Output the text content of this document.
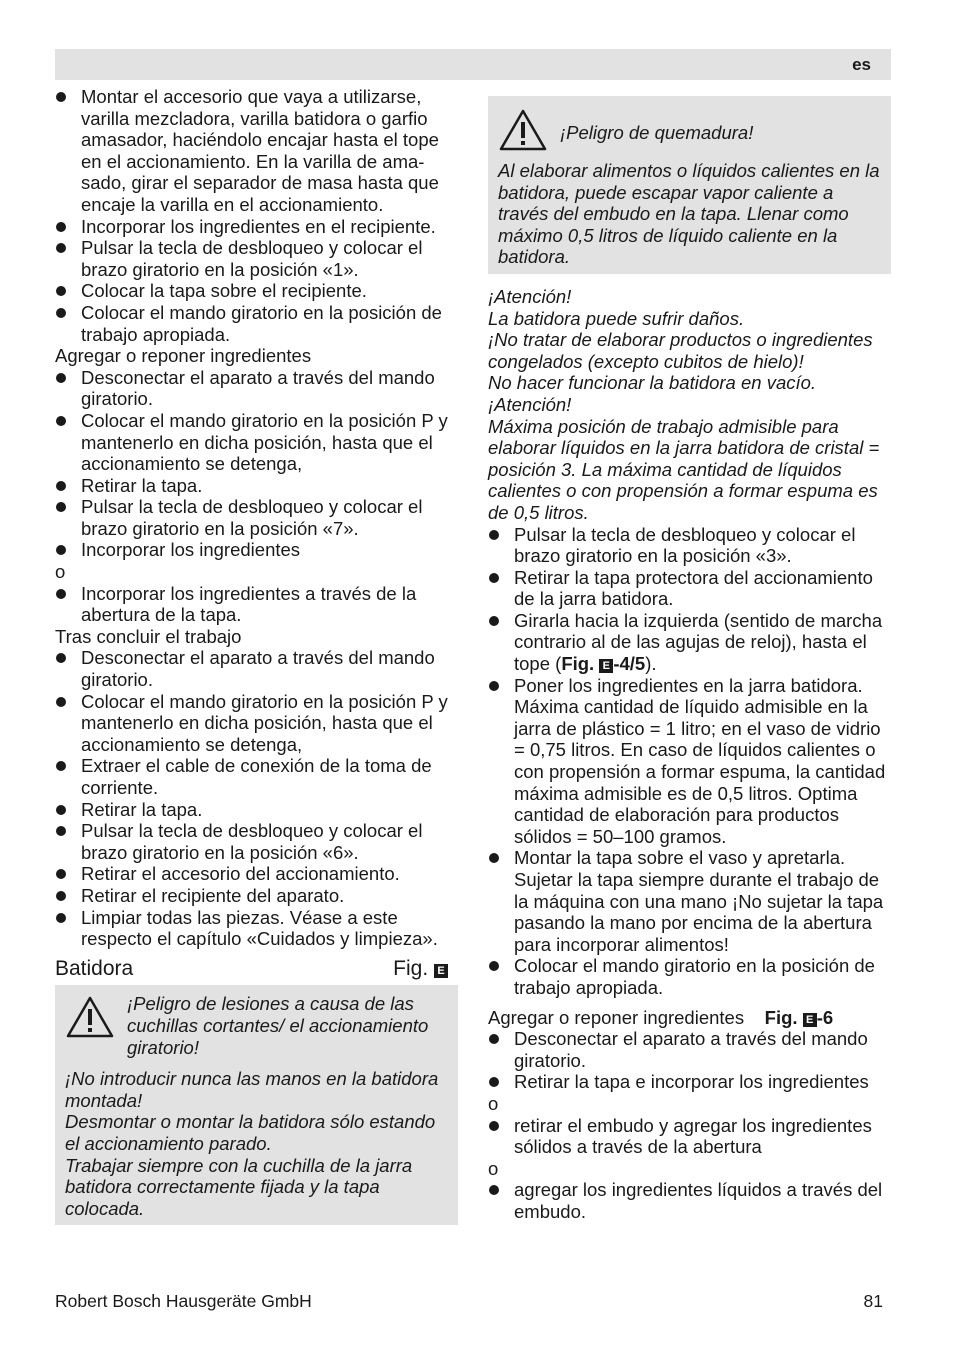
es
Montar el accesorio que vaya a utilizarse, varilla mezcladora, varilla batidora o garfio amasador, haciéndolo encajar hasta el tope en el accionamiento. En la varilla de ama-sado, girar el separador de masa hasta que encaje la varilla en el accionamiento.
Incorporar los ingredientes en el recipiente.
Pulsar la tecla de desbloqueo y colocar el brazo giratorio en la posición «1».
Colocar la tapa sobre el recipiente.
Colocar el mando giratorio en la posición de trabajo apropiada.

Agregar o reponer ingredientes

Desconectar el aparato a través del mando giratorio.
Colocar el mando giratorio en la posición P y mantenerlo en dicha posición, hasta que el accionamiento se detenga,
Retirar la tapa.
Pulsar la tecla de desbloqueo y colocar el brazo giratorio en la posición «7».
Incorporar los ingredientes

o

Incorporar los ingredientes a través de la abertura de la tapa.

Tras concluir el trabajo

Desconectar el aparato a través del mando giratorio.
Colocar el mando giratorio en la posición P y mantenerlo en dicha posición, hasta que el accionamiento se detenga,
Extraer el cable de conexión de la toma de corriente.
Retirar la tapa.
Pulsar la tecla de desbloqueo y colocar el brazo giratorio en la posición «6».
Retirar el accesorio del accionamiento.
Retirar el recipiente del aparato.
Limpiar todas las piezas. Véase a este respecto el capítulo «Cuidados y limpieza».
Batidora	Fig. E
¡Peligro de lesiones a causa de las cuchillas cortantes/ el accionamiento giratorio!
¡No introducir nunca las manos en la batidora montada!
Desmontar o montar la batidora sólo estando el accionamiento parado.
Trabajar siempre con la cuchilla de la jarra batidora correctamente fijada y la tapa colocada.
¡Peligro de quemadura!
Al elaborar alimentos o líquidos calientes en la batidora, puede escapar vapor caliente a través del embudo en la tapa. Llenar como máximo 0,5 litros de líquido caliente en la batidora.
¡Atención!
La batidora puede sufrir daños.
¡No tratar de elaborar productos o ingredientes congelados (excepto cubitos de hielo)!
No hacer funcionar la batidora en vacío.
¡Atención!
Máxima posición de trabajo admisible para elaborar líquidos en la jarra batidora de cristal = posición 3. La máxima cantidad de líquidos calientes o con propensión a formar espuma es de 0,5 litros.
Pulsar la tecla de desbloqueo y colocar el brazo giratorio en la posición «3».
Retirar la tapa protectora del accionamiento de la jarra batidora.
Girarla hacia la izquierda (sentido de marcha contrario al de las agujas de reloj), hasta el tope (Fig. E -4/5).
Poner los ingredientes en la jarra batidora. Máxima cantidad de líquido admisible en la jarra de plástico = 1 litro; en el vaso de vidrio = 0,75 litros. En caso de líquidos calientes o con propensión a formar espuma, la cantidad máxima admisible es de 0,5 litros. Optima cantidad de elaboración para productos sólidos = 50–100 gramos.
Montar la tapa sobre el vaso y apretarla. Sujetar la tapa siempre durante el trabajo de la máquina con una mano ¡No sujetar la tapa pasando la mano por encima de la abertura para incorporar alimentos!
Colocar el mando giratorio en la posición de trabajo apropiada.

Agregar o reponer ingredientes Fig. E -6

Desconectar el aparato a través del mando giratorio.
Retirar la tapa e incorporar los ingredientes

o

retirar el embudo y agregar los ingredientes sólidos a través de la abertura

o

agregar los ingredientes líquidos a través del embudo.
Robert Bosch Hausgeräte GmbH	81
